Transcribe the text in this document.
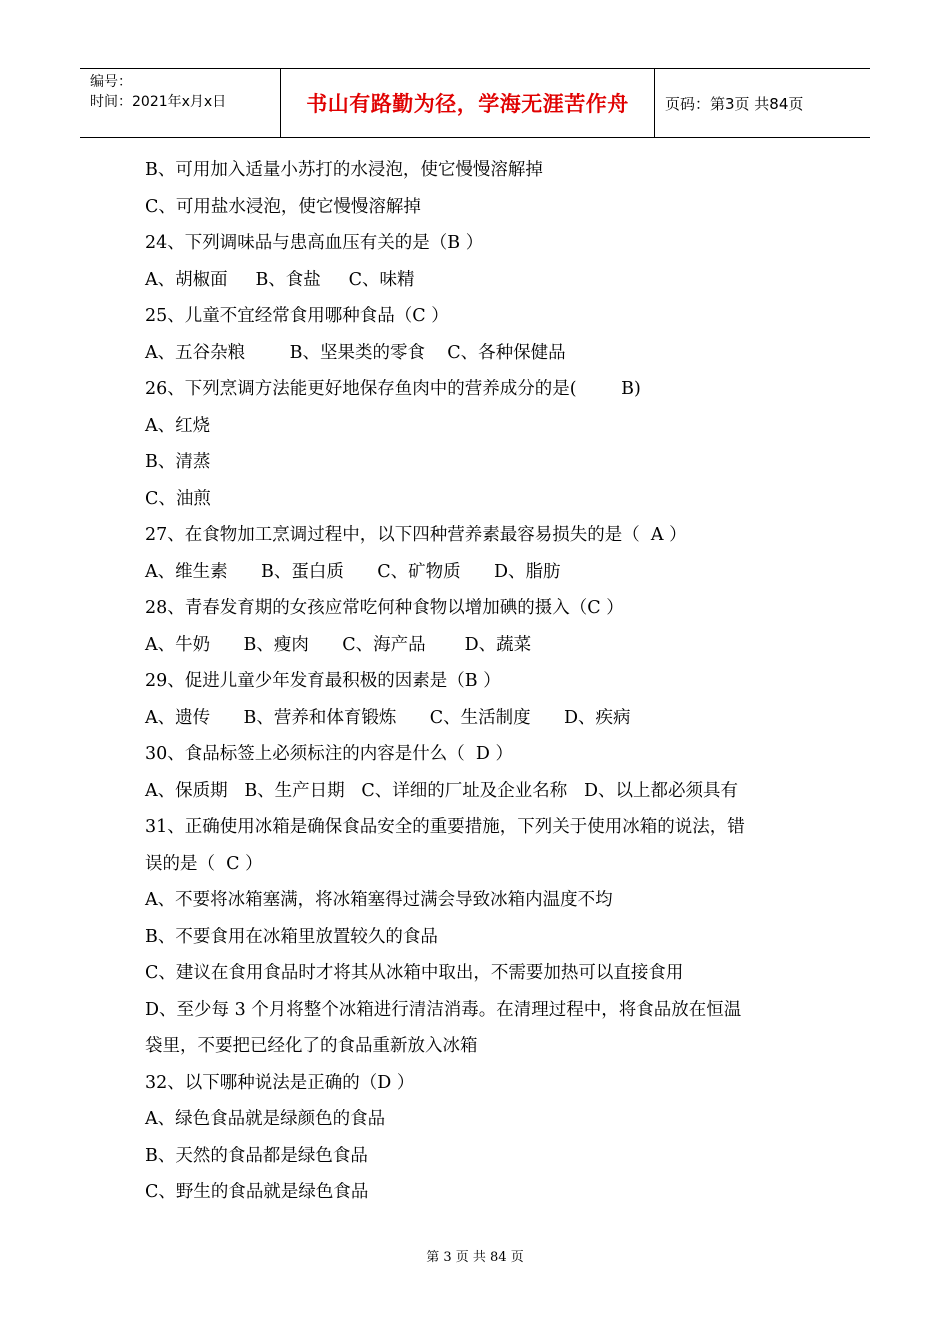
编号：
时间：2021年x月x日	书山有路勤为径，学海无涯苦作舟 页码：第3页 共84页
B、可用加入适量小苏打的水浸泡，使它慢慢溶解掉
C、可用盐水浸泡，使它慢慢溶解掉
24、下列调味品与患高血压有关的是（B ）
A、胡椒面     B、食盐     C、味精
25、儿童不宜经常食用哪种食品（C ）
A、五谷杂粮        B、坚果类的零食    C、各种保健品
26、下列烹调方法能更好地保存鱼肉中的营养成分的是(        B)
A、红烧
B、清蒸
C、油煎
27、在食物加工烹调过程中，以下四种营养素最容易损失的是（  A ）
A、维生素      B、蛋白质      C、矿物质      D、脂肪
28、青春发育期的女孩应常吃何种食物以增加碘的摄入（C ）
A、牛奶      B、瘦肉      C、海产品       D、蔬菜
29、促进儿童少年发育最积极的因素是（B ）
A、遗传      B、营养和体育锻炼      C、生活制度      D、疾病
30、食品标签上必须标注的内容是什么（  D ）
A、保质期   B、生产日期   C、详细的厂址及企业名称   D、以上都必须具有
31、正确使用冰箱是确保食品安全的重要措施，下列关于使用冰箱的说法，错
误的是（  C ）
A、不要将冰箱塞满，将冰箱塞得过满会导致冰箱内温度不均
B、不要食用在冰箱里放置较久的食品
C、建议在食用食品时才将其从冰箱中取出，不需要加热可以直接食用
D、至少每 3 个月将整个冰箱进行清洁消毒。在清理过程中，将食品放在恒温
袋里，不要把已经化了的食品重新放入冰箱
32、以下哪种说法是正确的（D ）
A、绿色食品就是绿颜色的食品
B、天然的食品都是绿色食品
C、野生的食品就是绿色食品
第 3 页 共 84 页
